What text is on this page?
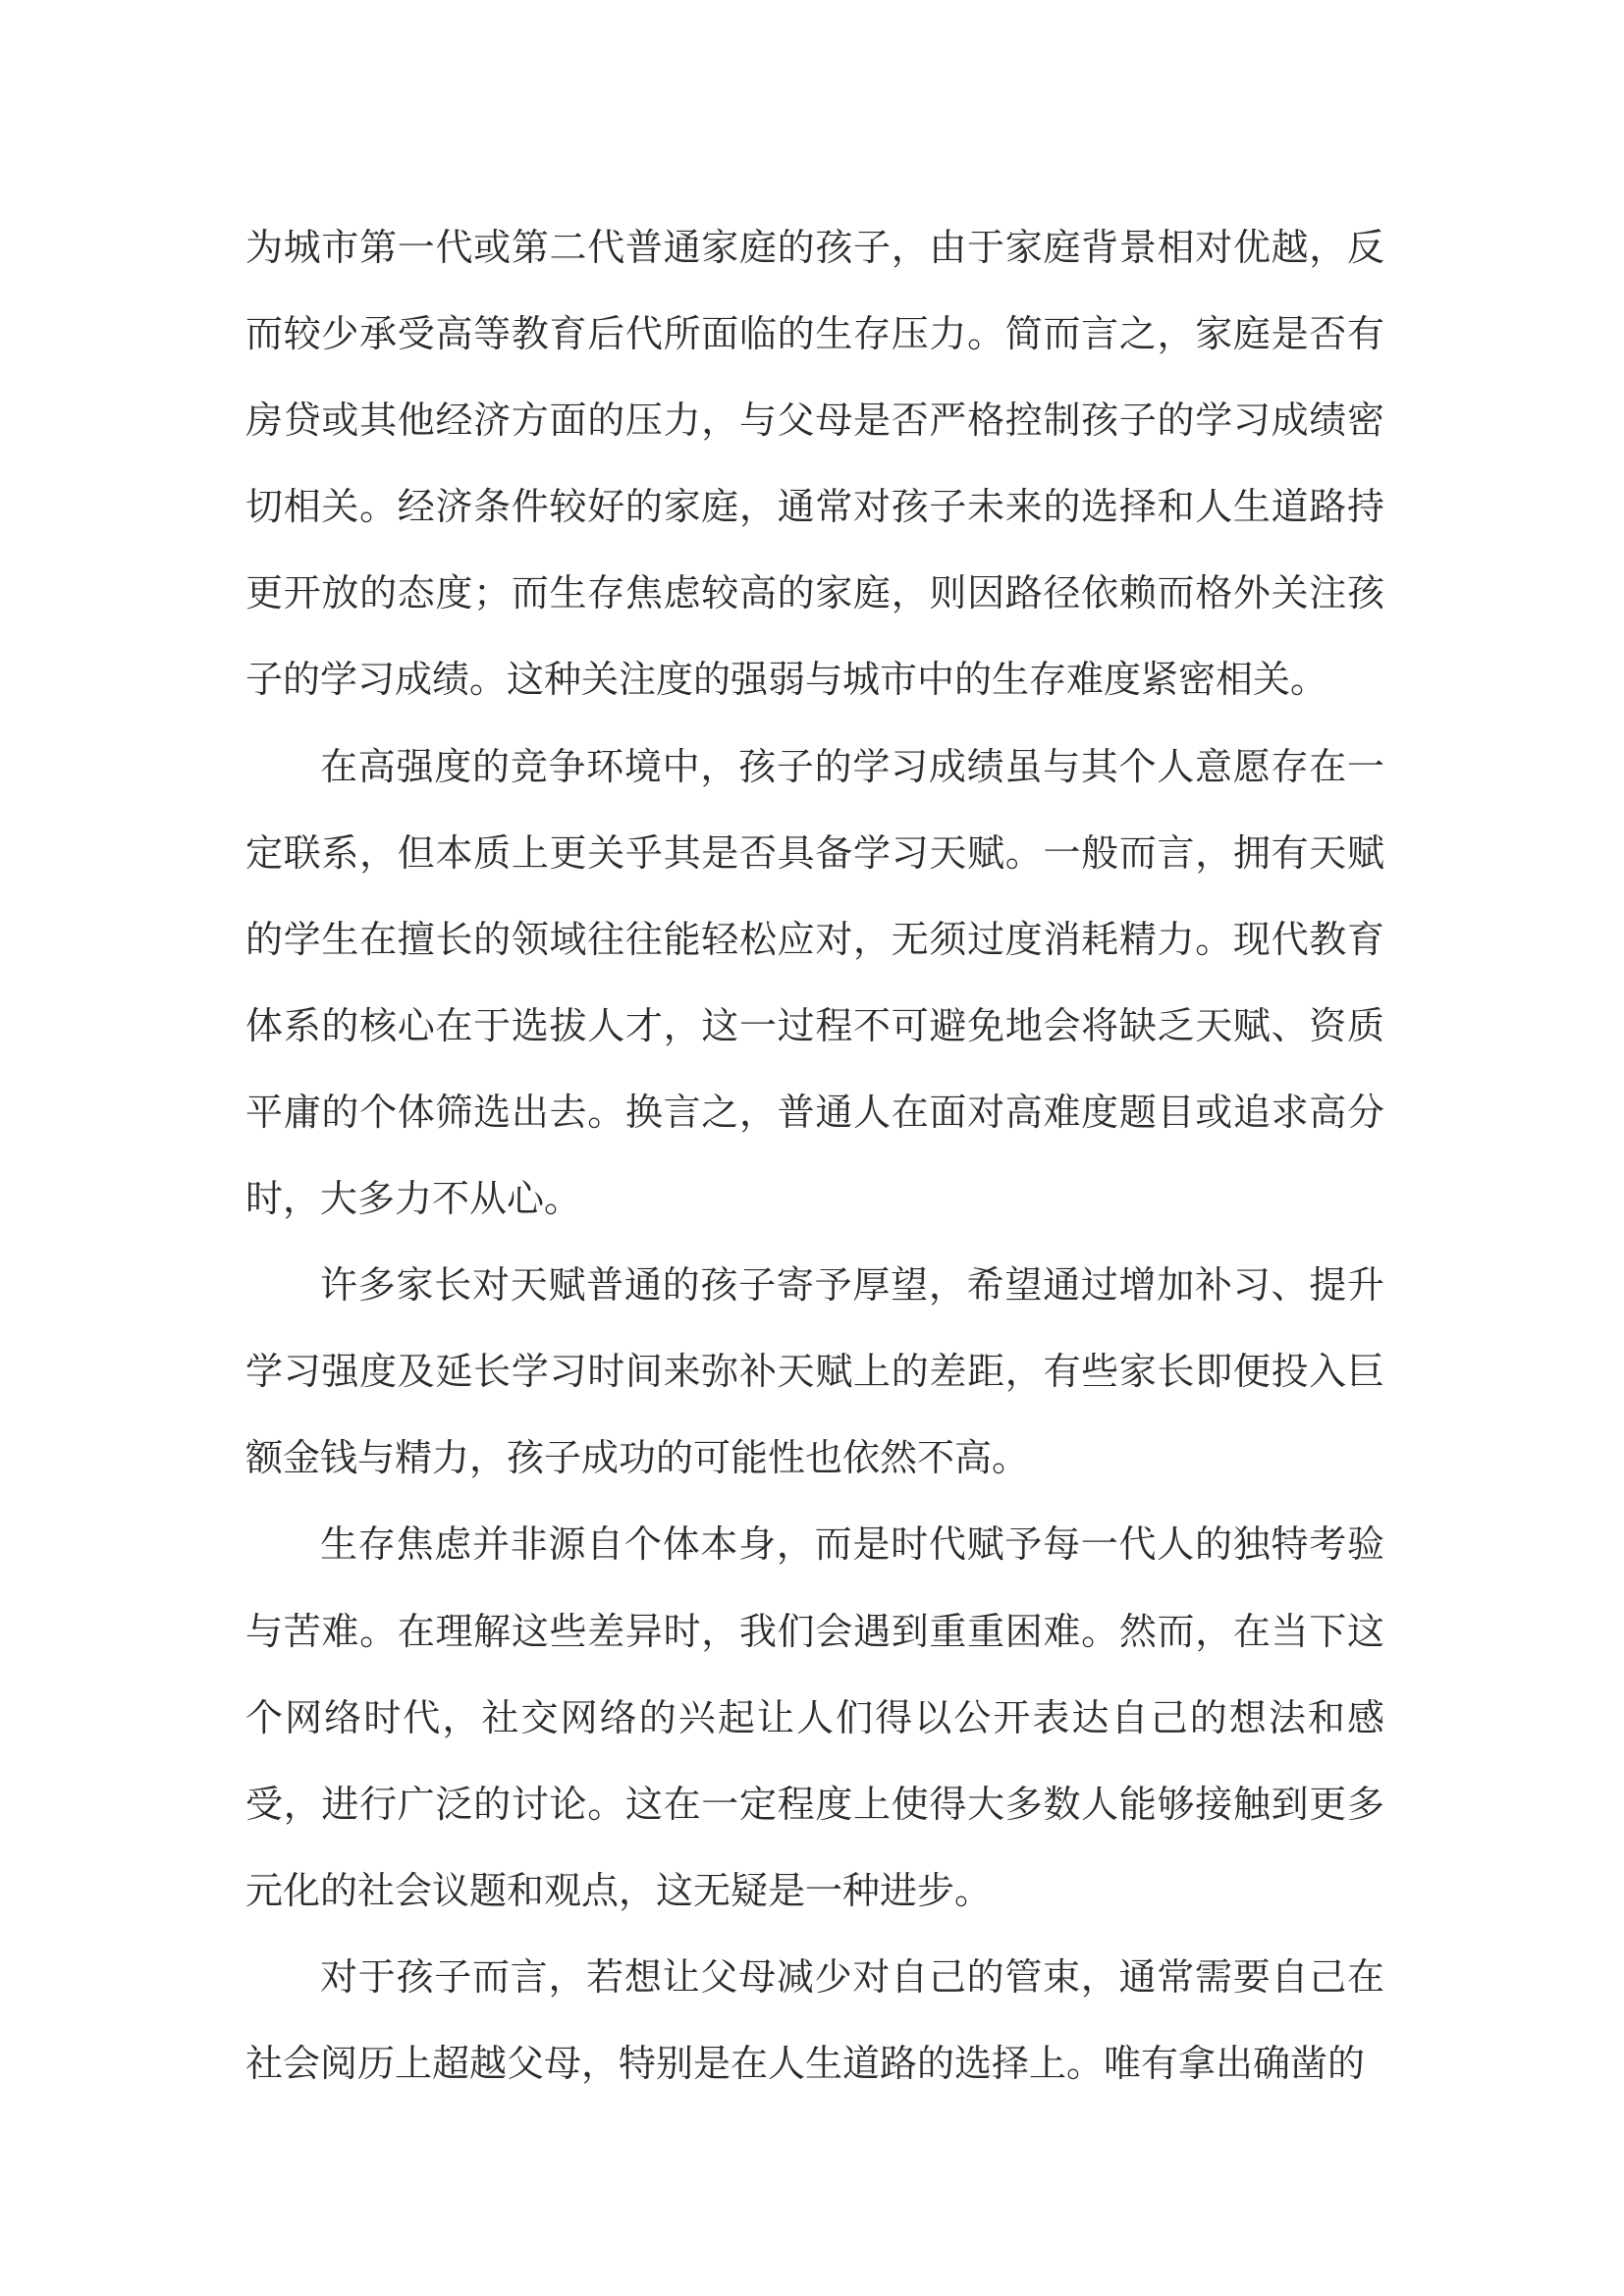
为城市第一代或第二代普通家庭的孩子，由于家庭背景相对优越，反而较少承受高等教育后代所面临的生存压力。简而言之，家庭是否有房贷或其他经济方面的压力，与父母是否严格控制孩子的学习成绩密切相关。经济条件较好的家庭，通常对孩子未来的选择和人生道路持更开放的态度；而生存焦虑较高的家庭，则因路径依赖而格外关注孩子的学习成绩。这种关注度的强弱与城市中的生存难度紧密相关。

在高强度的竞争环境中，孩子的学习成绩虽与其个人意愿存在一定联系，但本质上更关乎其是否具备学习天赋。一般而言，拥有天赋的学生在擅长的领域往往能轻松应对，无须过度消耗精力。现代教育体系的核心在于选拔人才，这一过程不可避免地会将缺乏天赋、资质平庸的个体筛选出去。换言之，普通人在面对高难度题目或追求高分时，大多力不从心。

许多家长对天赋普通的孩子寄予厚望，希望通过增加补习、提升学习强度及延长学习时间来弥补天赋上的差距，有些家长即便投入巨额金钱与精力，孩子成功的可能性也依然不高。

生存焦虑并非源自个体本身，而是时代赋予每一代人的独特考验与苦难。在理解这些差异时，我们会遇到重重困难。然而，在当下这个网络时代，社交网络的兴起让人们得以公开表达自己的想法和感受，进行广泛的讨论。这在一定程度上使得大多数人能够接触到更多元化的社会议题和观点，这无疑是一种进步。

对于孩子而言，若想让父母减少对自己的管束，通常需要自己在社会阅历上超越父母，特别是在人生道路的选择上。唯有拿出确凿的
